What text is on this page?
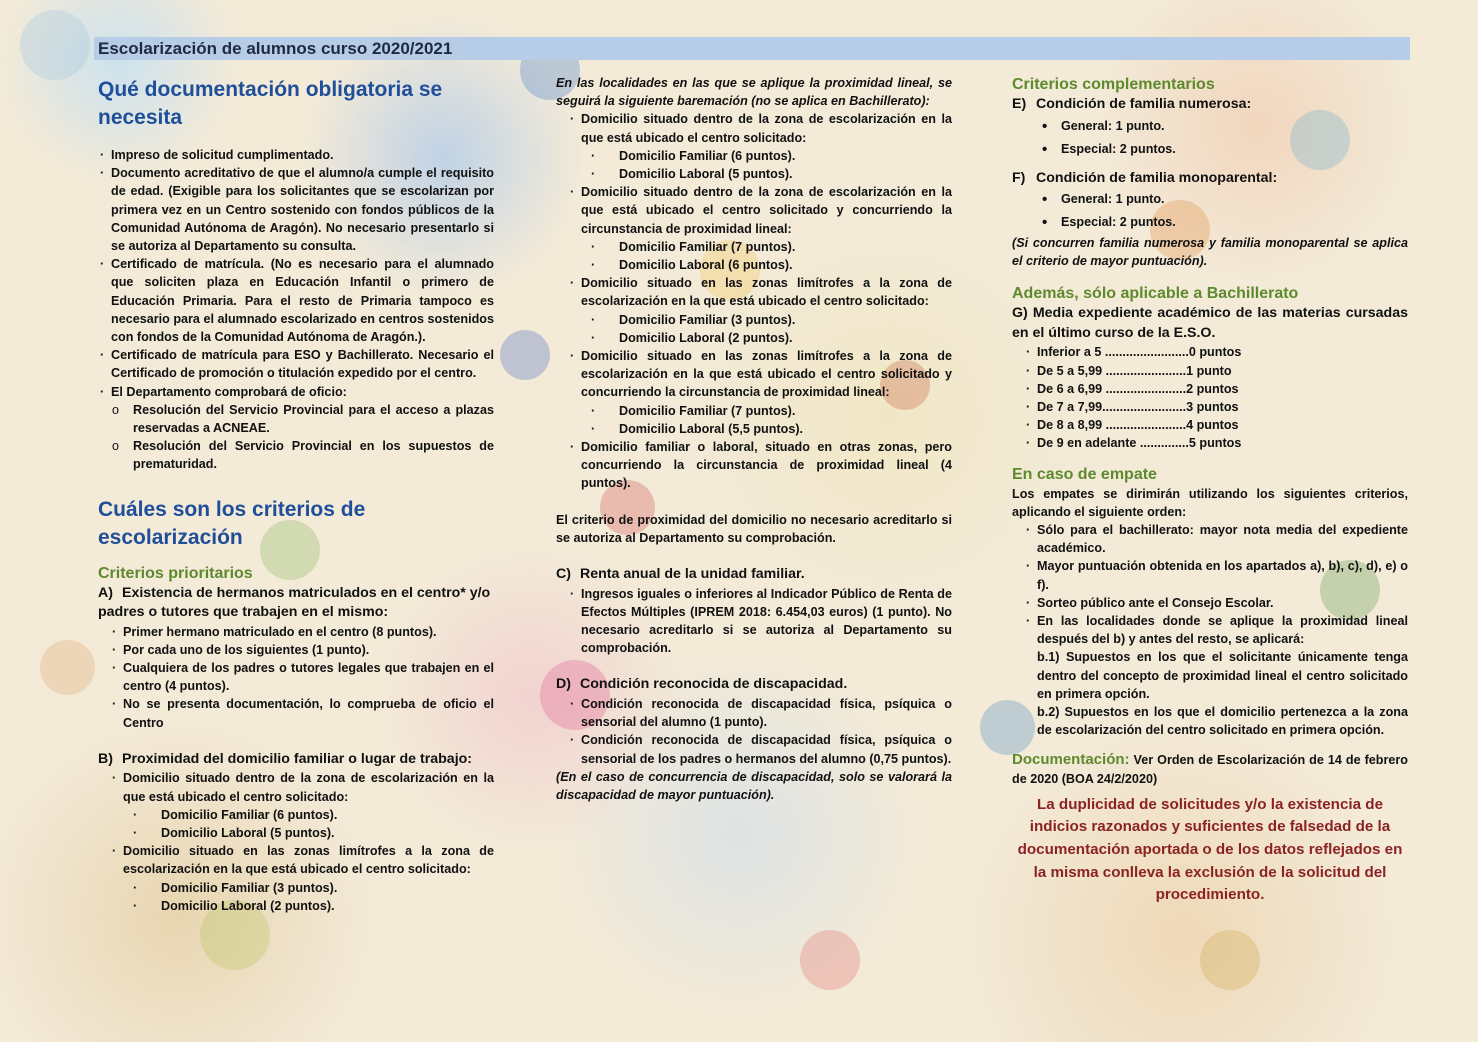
Escolarización de alumnos curso 2020/2021
Qué documentación obligatoria se necesita
· Impreso de solicitud cumplimentado.
· Documento acreditativo de que el alumno/a cumple el requisito de edad. (Exigible para los solicitantes que se escolarizan por primera vez en un Centro sostenido con fondos públicos de la Comunidad Autónoma de Aragón). No necesario presentarlo si se autoriza al Departamento su consulta.
· Certificado de matrícula. (No es necesario para el alumnado que soliciten plaza en Educación Infantil o primero de Educación Primaria. Para el resto de Primaria tampoco es necesario para el alumnado escolarizado en centros sostenidos con fondos de la Comunidad Autónoma de Aragón.).
· Certificado de matrícula para ESO y Bachillerato. Necesario el Certificado de promoción o titulación expedido por el centro.
· El Departamento comprobará de oficio:
o Resolución del Servicio Provincial para el acceso a plazas reservadas a ACNEAE.
o Resolución del Servicio Provincial en los supuestos de prematuridad.
Cuáles son los criterios de escolarización
Criterios prioritarios
A) Existencia de hermanos matriculados en el centro* y/o padres o tutores que trabajen en el mismo:
· Primer hermano matriculado en el centro (8 puntos).
· Por cada uno de los siguientes (1 punto).
· Cualquiera de los padres o tutores legales que trabajen en el centro (4 puntos).
· No se presenta documentación, lo comprueba de oficio el Centro
B) Proximidad del domicilio familiar o lugar de trabajo:
· Domicilio situado dentro de la zona de escolarización en la que está ubicado el centro solicitado:
· Domicilio Familiar (6 puntos).
· Domicilio Laboral (5 puntos).
· Domicilio situado en las zonas limítrofes a la zona de escolarización en la que está ubicado el centro solicitado:
· Domicilio Familiar (3 puntos).
· Domicilio Laboral (2 puntos).
En las localidades en las que se aplique la proximidad lineal, se seguirá la siguiente baremación (no se aplica en Bachillerato):
· Domicilio situado dentro de la zona de escolarización en la que está ubicado el centro solicitado:
· Domicilio Familiar (6 puntos).
· Domicilio Laboral (5 puntos).
· Domicilio situado dentro de la zona de escolarización en la que está ubicado el centro solicitado y concurriendo la circunstancia de proximidad lineal:
· Domicilio Familiar (7 puntos).
· Domicilio Laboral (6 puntos).
· Domicilio situado en las zonas limítrofes a la zona de escolarización en la que está ubicado el centro solicitado:
· Domicilio Familiar (3 puntos).
· Domicilio Laboral (2 puntos).
· Domicilio situado en las zonas limítrofes a la zona de escolarización en la que está ubicado el centro solicitado y concurriendo la circunstancia de proximidad lineal:
· Domicilio Familiar (7 puntos).
· Domicilio Laboral (5,5 puntos).
· Domicilio familiar o laboral, situado en otras zonas, pero concurriendo la circunstancia de proximidad lineal (4 puntos).
El criterio de proximidad del domicilio no necesario acreditarlo si se autoriza al Departamento su comprobación.
C) Renta anual de la unidad familiar.
· Ingresos iguales o inferiores al Indicador Público de Renta de Efectos Múltiples (IPREM 2018: 6.454,03 euros) (1 punto). No necesario acreditarlo si se autoriza al Departamento su comprobación.
D) Condición reconocida de discapacidad.
· Condición reconocida de discapacidad física, psíquica o sensorial del alumno (1 punto).
· Condición reconocida de discapacidad física, psíquica o sensorial de los padres o hermanos del alumno (0,75 puntos).
(En el caso de concurrencia de discapacidad, solo se valorará la discapacidad de mayor puntuación).
Criterios complementarios
E) Condición de familia numerosa:
• General: 1 punto.
• Especial: 2 puntos.
F) Condición de familia monoparental:
• General: 1 punto.
• Especial: 2 puntos.
(Si concurren familia numerosa y familia monoparental se aplica el criterio de mayor puntuación).
Además, sólo aplicable a Bachillerato
G) Media expediente académico de las materias cursadas en el último curso de la E.S.O.
· Inferior a 5 ........................0 puntos
· De 5 a 5,99 .......................1 punto
· De 6 a 6,99 .......................2 puntos
· De 7 a 7,99........................3 puntos
· De 8 a 8,99 .......................4 puntos
· De 9 en adelante ..............5 puntos
En caso de empate
Los empates se dirimirán utilizando los siguientes criterios, aplicando el siguiente orden:
· Sólo para el bachillerato: mayor nota media del expediente académico.
· Mayor puntuación obtenida en los apartados a), b), c), d), e) o f).
· Sorteo público ante el Consejo Escolar.
· En las localidades donde se aplique la proximidad lineal después del b) y antes del resto, se aplicará:
b.1) Supuestos en los que el solicitante únicamente tenga dentro del concepto de proximidad lineal el centro solicitado en primera opción.
b.2) Supuestos en los que el domicilio pertenezca a la zona de escolarización del centro solicitado en primera opción.
Documentación: Ver Orden de Escolarización de 14 de febrero de 2020 (BOA 24/2/2020)
La duplicidad de solicitudes y/o la existencia de indicios razonados y suficientes de falsedad de la documentación aportada o de los datos reflejados en la misma conlleva la exclusión de la solicitud del procedimiento.
